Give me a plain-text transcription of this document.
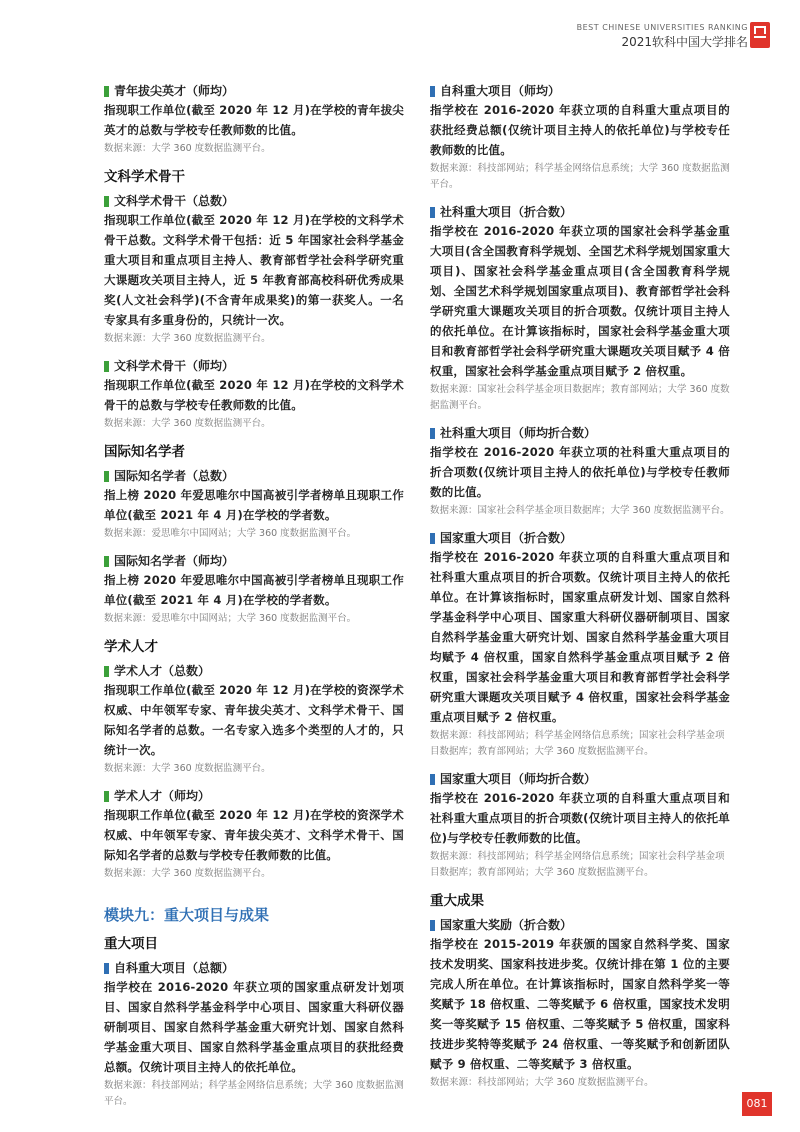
BEST CHINESE UNIVERSITIES RANKING
2021软科中国大学排名
青年拔尖英才（师均）
指现职工作单位(截至 2020 年 12 月)在学校的青年拔尖英才的总数与学校专任教师数的比值。
数据来源：大学 360 度数据监测平台。
文科学术骨干
文科学术骨干（总数）
指现职工作单位(截至 2020 年 12 月)在学校的文科学术骨干总数。文科学术骨干包括：近 5 年国家社会科学基金重大项目和重点项目主持人、教育部哲学社会科学研究重大课题攻关项目主持人，近 5 年教育部高校科研优秀成果奖(人文社会科学)(不含青年成果奖)的第一获奖人。一名专家具有多重身份的，只统计一次。
数据来源：大学 360 度数据监测平台。
文科学术骨干（师均）
指现职工作单位(截至 2020 年 12 月)在学校的文科学术骨干的总数与学校专任教师数的比值。
数据来源：大学 360 度数据监测平台。
国际知名学者
国际知名学者（总数）
指上榜 2020 年爱思唯尔中国高被引学者榜单且现职工作单位(截至 2021 年 4 月)在学校的学者数。
数据来源：爱思唯尔中国网站；大学 360 度数据监测平台。
国际知名学者（师均）
指上榜 2020 年爱思唯尔中国高被引学者榜单且现职工作单位(截至 2021 年 4 月)在学校的学者数。
数据来源：爱思唯尔中国网站；大学 360 度数据监测平台。
学术人才
学术人才（总数）
指现职工作单位(截至 2020 年 12 月)在学校的资深学术权威、中年领军专家、青年拔尖英才、文科学术骨干、国际知名学者的总数。一名专家入选多个类型的人才的，只统计一次。
数据来源：大学 360 度数据监测平台。
学术人才（师均）
指现职工作单位(截至 2020 年 12 月)在学校的资深学术权威、中年领军专家、青年拔尖英才、文科学术骨干、国际知名学者的总数与学校专任教师数的比值。
数据来源：大学 360 度数据监测平台。
模块九：重大项目与成果
重大项目
自科重大项目（总额）
指学校在 2016-2020 年获立项的国家重点研发计划项目、国家自然科学基金科学中心项目、国家重大科研仪器研制项目、国家自然科学基金重大研究计划、国家自然科学基金重大项目、国家自然科学基金重点项目的获批经费总额。仅统计项目主持人的依托单位。
数据来源：科技部网站；科学基金网络信息系统；大学 360 度数据监测平台。
自科重大项目（师均）
指学校在 2016-2020 年获立项的自科重大重点项目的获批经费总额(仅统计项目主持人的依托单位)与学校专任教师数的比值。
数据来源：科技部网站；科学基金网络信息系统；大学 360 度数据监测平台。
社科重大项目（折合数）
指学校在 2016-2020 年获立项的国家社会科学基金重大项目(含全国教育科学规划、全国艺术科学规划国家重大项目)、国家社会科学基金重点项目(含全国教育科学规划、全国艺术科学规划国家重点项目)、教育部哲学社会科学研究重大课题攻关项目的折合项数。仅统计项目主持人的依托单位。在计算该指标时，国家社会科学基金重大项目和教育部哲学社会科学研究重大课题攻关项目赋予 4 倍权重，国家社会科学基金重点项目赋予 2 倍权重。
数据来源：国家社会科学基金项目数据库；教育部网站；大学 360 度数据监测平台。
社科重大项目（师均折合数）
指学校在 2016-2020 年获立项的社科重大重点项目的折合项数(仅统计项目主持人的依托单位)与学校专任教师数的比值。
数据来源：国家社会科学基金项目数据库；大学 360 度数据监测平台。
国家重大项目（折合数）
指学校在 2016-2020 年获立项的自科重大重点项目和社科重大重点项目的折合项数。仅统计项目主持人的依托单位。在计算该指标时，国家重点研发计划、国家自然科学基金科学中心项目、国家重大科研仪器研制项目、国家自然科学基金重大研究计划、国家自然科学基金重大项目均赋予 4 倍权重，国家自然科学基金重点项目赋予 2 倍权重，国家社会科学基金重大项目和教育部哲学社会科学研究重大课题攻关项目赋予 4 倍权重，国家社会科学基金重点项目赋予 2 倍权重。
数据来源：科技部网站；科学基金网络信息系统；国家社会科学基金项目数据库；教育部网站；大学 360 度数据监测平台。
国家重大项目（师均折合数）
指学校在 2016-2020 年获立项的自科重大重点项目和社科重大重点项目的折合项数(仅统计项目主持人的依托单位)与学校专任教师数的比值。
数据来源：科技部网站；科学基金网络信息系统；国家社会科学基金项目数据库；教育部网站；大学 360 度数据监测平台。
重大成果
国家重大奖励（折合数）
指学校在 2015-2019 年获颁的国家自然科学奖、国家技术发明奖、国家科技进步奖。仅统计排在第 1 位的主要完成人所在单位。在计算该指标时，国家自然科学奖一等奖赋予 18 倍权重、二等奖赋予 6 倍权重，国家技术发明奖一等奖赋予 15 倍权重、二等奖赋予 5 倍权重，国家科技进步奖特等奖赋予 24 倍权重、一等奖赋予和创新团队赋予 9 倍权重、二等奖赋予 3 倍权重。
数据来源：科技部网站；大学 360 度数据监测平台。
081
